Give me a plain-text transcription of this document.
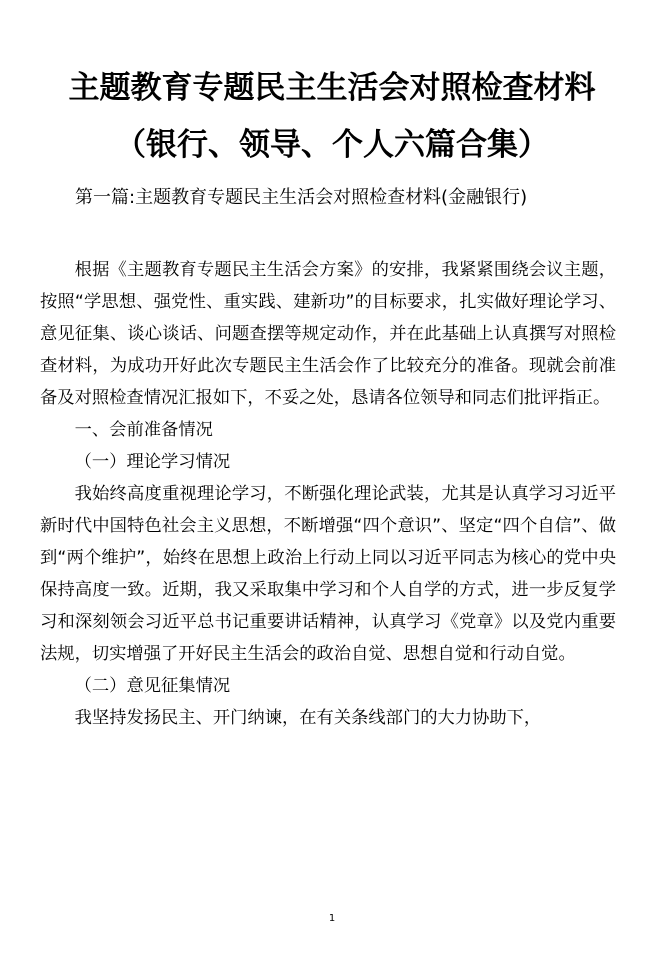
主题教育专题民主生活会对照检查材料
（银行、领导、个人六篇合集）
第一篇:主题教育专题民主生活会对照检查材料(金融银行)

根据《主题教育专题民主生活会方案》的安排，我紧紧围绕会议主题，按照“学思想、强党性、重实践、建新功”的目标要求，扎实做好理论学习、意见征集、谈心谈话、问题查摆等规定动作，并在此基础上认真撰写对照检查材料，为成功开好此次专题民主生活会作了比较充分的准备。现就会前准备及对照检查情况汇报如下，不妥之处，恳请各位领导和同志们批评指正。

一、会前准备情况

（一）理论学习情况

我始终高度重视理论学习，不断强化理论武装，尤其是认真学习习近平新时代中国特色社会主义思想，不断增强“四个意识”、坚定“四个自信”、做到“两个维护”，始终在思想上政治上行动上同以习近平同志为核心的党中央保持高度一致。近期，我又采取集中学习和个人自学的方式，进一步反复学习和深刻领会习近平总书记重要讲话精神，认真学习《党章》以及党内重要法规，切实增强了开好民主生活会的政治自觉、思想自觉和行动自觉。

（二）意见征集情况

我坚持发扬民主、开门纳谏，在有关条线部门的大力协助下，

1
